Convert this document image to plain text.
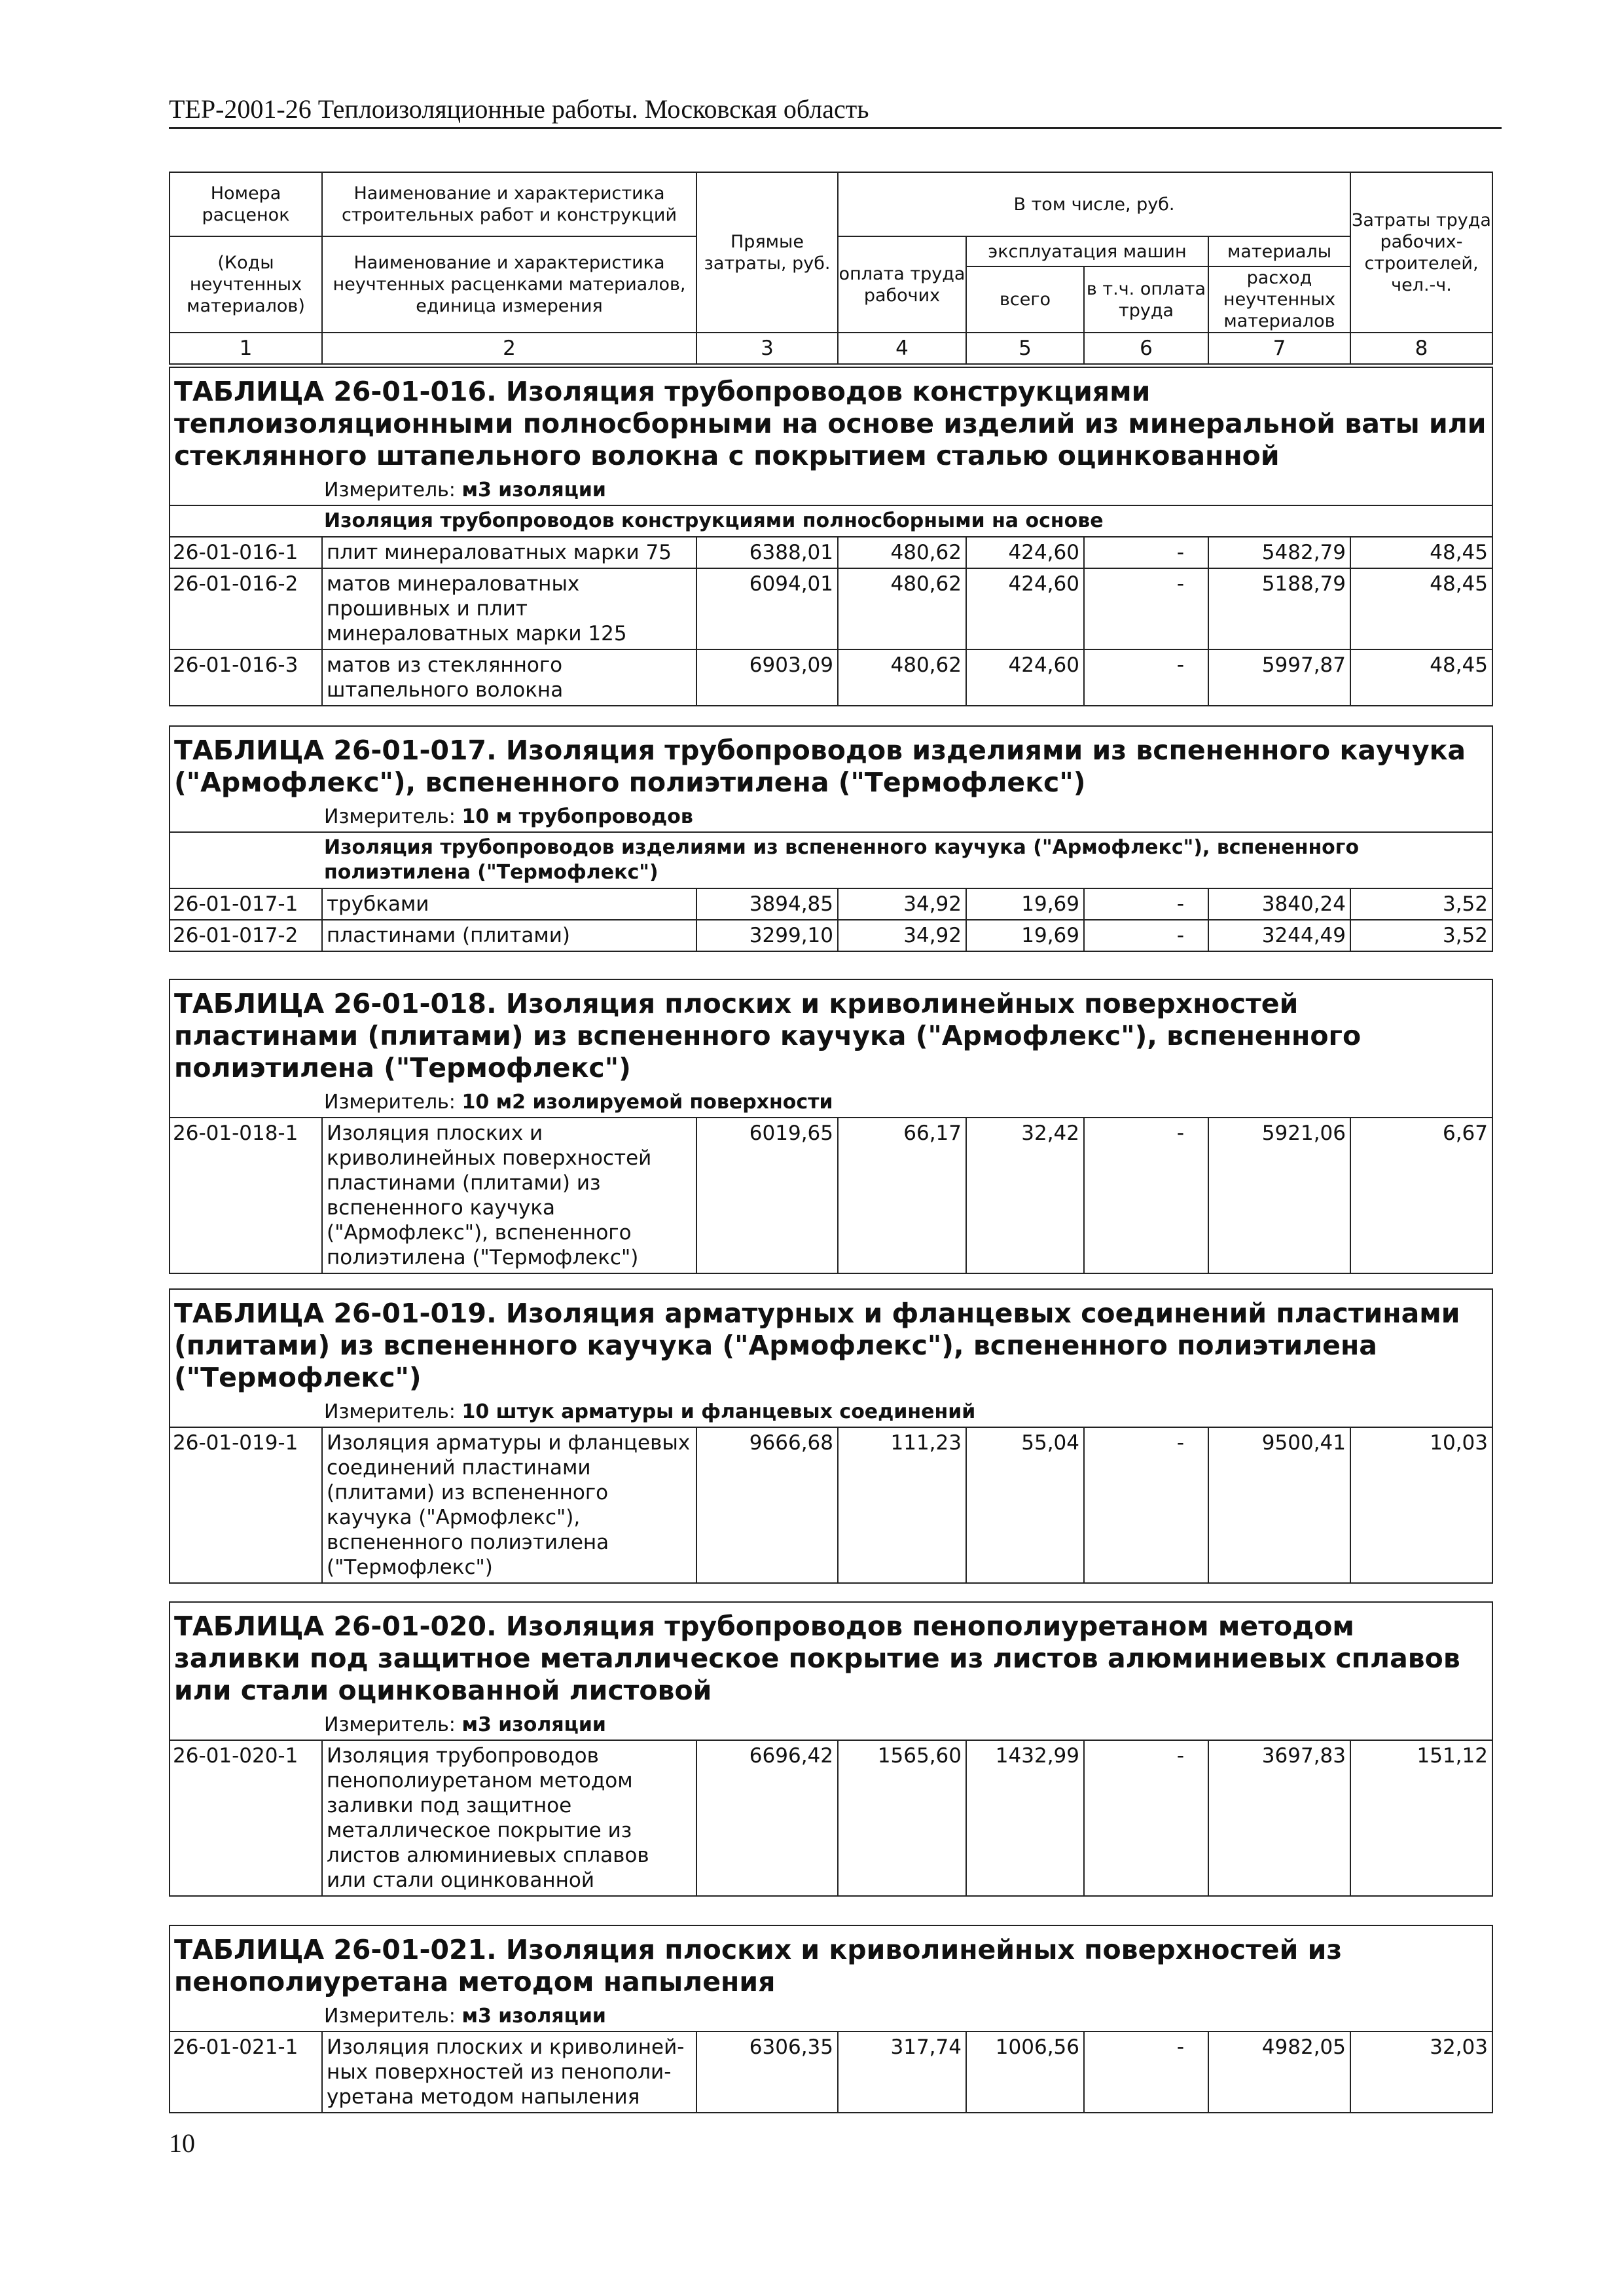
ТЕР-2001-26 Теплоизоляционные работы. Московская область
Номера расценок	Наименование и характеристика строительных работ и конструкций	Прямые затраты, руб.	В том числе, руб.				Затраты труда рабочих-строителей, чел.-ч.
(Коды неучтенных материалов)	Наименование и характеристика неучтенных расценками материалов, единица измерения		оплата труда рабочих	эксплуатация машин		материалы	
				всего	в т.ч. оплата труда	расход неучтенных материалов	
1	2	3	4	5	6	7	8
ТАБЛИЦА 26-01-016. Изоляция трубопроводов конструкциями теплоизоляционными полносборными на основе изделий из минеральной ваты или стеклянного штапельного волокна с покрытием сталью оцинкованной							
Измеритель: м3 изоляции							
Изоляция трубопроводов конструкциями полносборными на основе							
26-01-016-1	плит минераловатных марки 75	6388,01	480,62	424,60	-	5482,79	48,45
26-01-016-2	матов минераловатных прошивных и плит минераловатных марки 125	6094,01	480,62	424,60	-	5188,79	48,45
26-01-016-3	матов из стеклянного штапельного волокна	6903,09	480,62	424,60	-	5997,87	48,45
ТАБЛИЦА 26-01-017. Изоляция трубопроводов изделиями из вспененного каучука ("Армофлекс"), вспененного полиэтилена ("Термофлекс")							
Измеритель: 10 м трубопроводов							
Изоляция трубопроводов изделиями из вспененного каучука ("Армофлекс"), вспененного полиэтилена ("Термофлекс")							
26-01-017-1	трубками	3894,85	34,92	19,69	-	3840,24	3,52
26-01-017-2	пластинами (плитами)	3299,10	34,92	19,69	-	3244,49	3,52
ТАБЛИЦА 26-01-018. Изоляция плоских и криволинейных поверхностей пластинами (плитами) из вспененного каучука ("Армофлекс"), вспененного полиэтилена ("Термофлекс")
Измеритель: 10 м2 изолируемой поверхности
26-01-018-1	Изоляция плоских и криволинейных поверхностей пластинами (плитами) из вспененного каучука ("Армофлекс"), вспененного полиэтилена ("Термофлекс")	6019,65	66,17	32,42	-	5921,06	6,67
ТАБЛИЦА 26-01-019. Изоляция арматурных и фланцевых соединений пластинами (плитами) из вспененного каучука ("Армофлекс"), вспененного полиэтилена ("Термофлекс")
Измеритель: 10 штук арматуры и фланцевых соединений
26-01-019-1	Изоляция арматуры и фланцевых соединений пластинами (плитами) из вспененного каучука ("Армофлекс"), вспененного полиэтилена ("Термофлекс")	9666,68	111,23	55,04	-	9500,41	10,03
ТАБЛИЦА 26-01-020. Изоляция трубопроводов пенополиуретаном методом заливки под защитное металлическое покрытие из листов алюминиевых сплавов или стали оцинкованной листовой
Измеритель: м3 изоляции
26-01-020-1	Изоляция трубопроводов пенополиуретаном методом заливки под защитное металлическое покрытие из листов алюминиевых сплавов или стали оцинкованной	6696,42	1565,60	1432,99	-	3697,83	151,12
ТАБЛИЦА 26-01-021. Изоляция плоских и криволинейных поверхностей из пенополиуретана методом напыления
Измеритель: м3 изоляции
26-01-021-1	Изоляция плоских и криволиней-ных поверхностей из пенополи-уретана методом напыления	6306,35	317,74	1006,56	-	4982,05	32,03
10
